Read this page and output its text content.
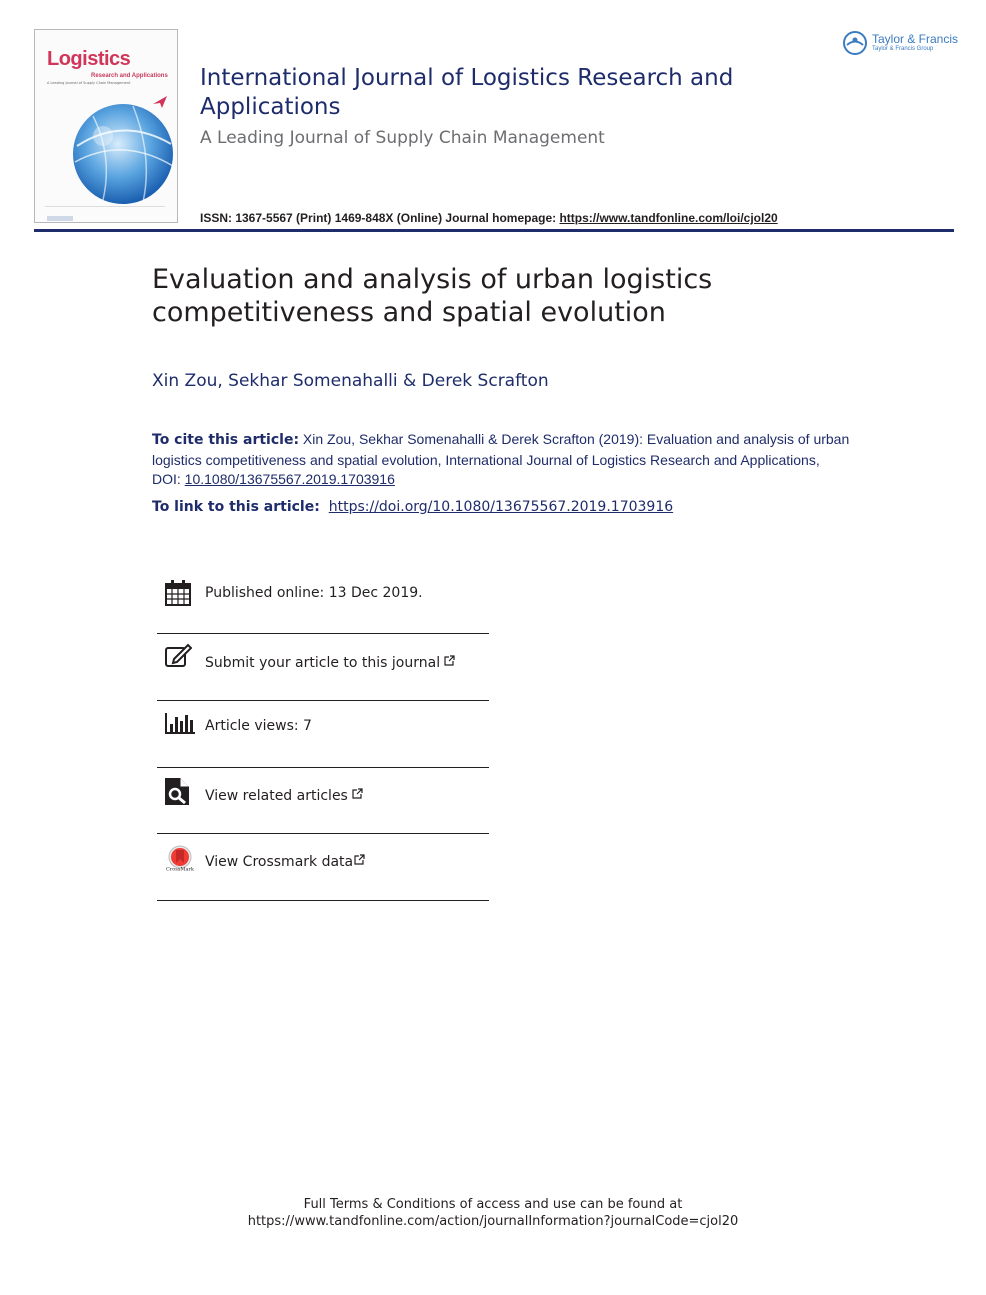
Logistics
Research and Applications
A Leading Journal of Supply Chain Management	International Journal of Logistics Research and Applications
A Leading Journal of Supply Chain Management
Taylor & Francis
Taylor & Francis Group
ISSN: 1367-5567 (Print) 1469-848X (Online) Journal homepage: https://www.tandfonline.com/loi/cjol20
Evaluation and analysis of urban logistics competitiveness and spatial evolution
Xin Zou, Sekhar Somenahalli & Derek Scrafton
To cite this article: Xin Zou, Sekhar Somenahalli & Derek Scrafton (2019): Evaluation and analysis of urban logistics competitiveness and spatial evolution, International Journal of Logistics Research and Applications, DOI: 10.1080/13675567.2019.1703916
To link to this article: https://doi.org/10.1080/13675567.2019.1703916
Published online: 13 Dec 2019.
Submit your article to this journal
Article views: 7
View related articles
CrossMark View Crossmark data
Full Terms & Conditions of access and use can be found at
https://www.tandfonline.com/action/journalInformation?journalCode=cjol20
